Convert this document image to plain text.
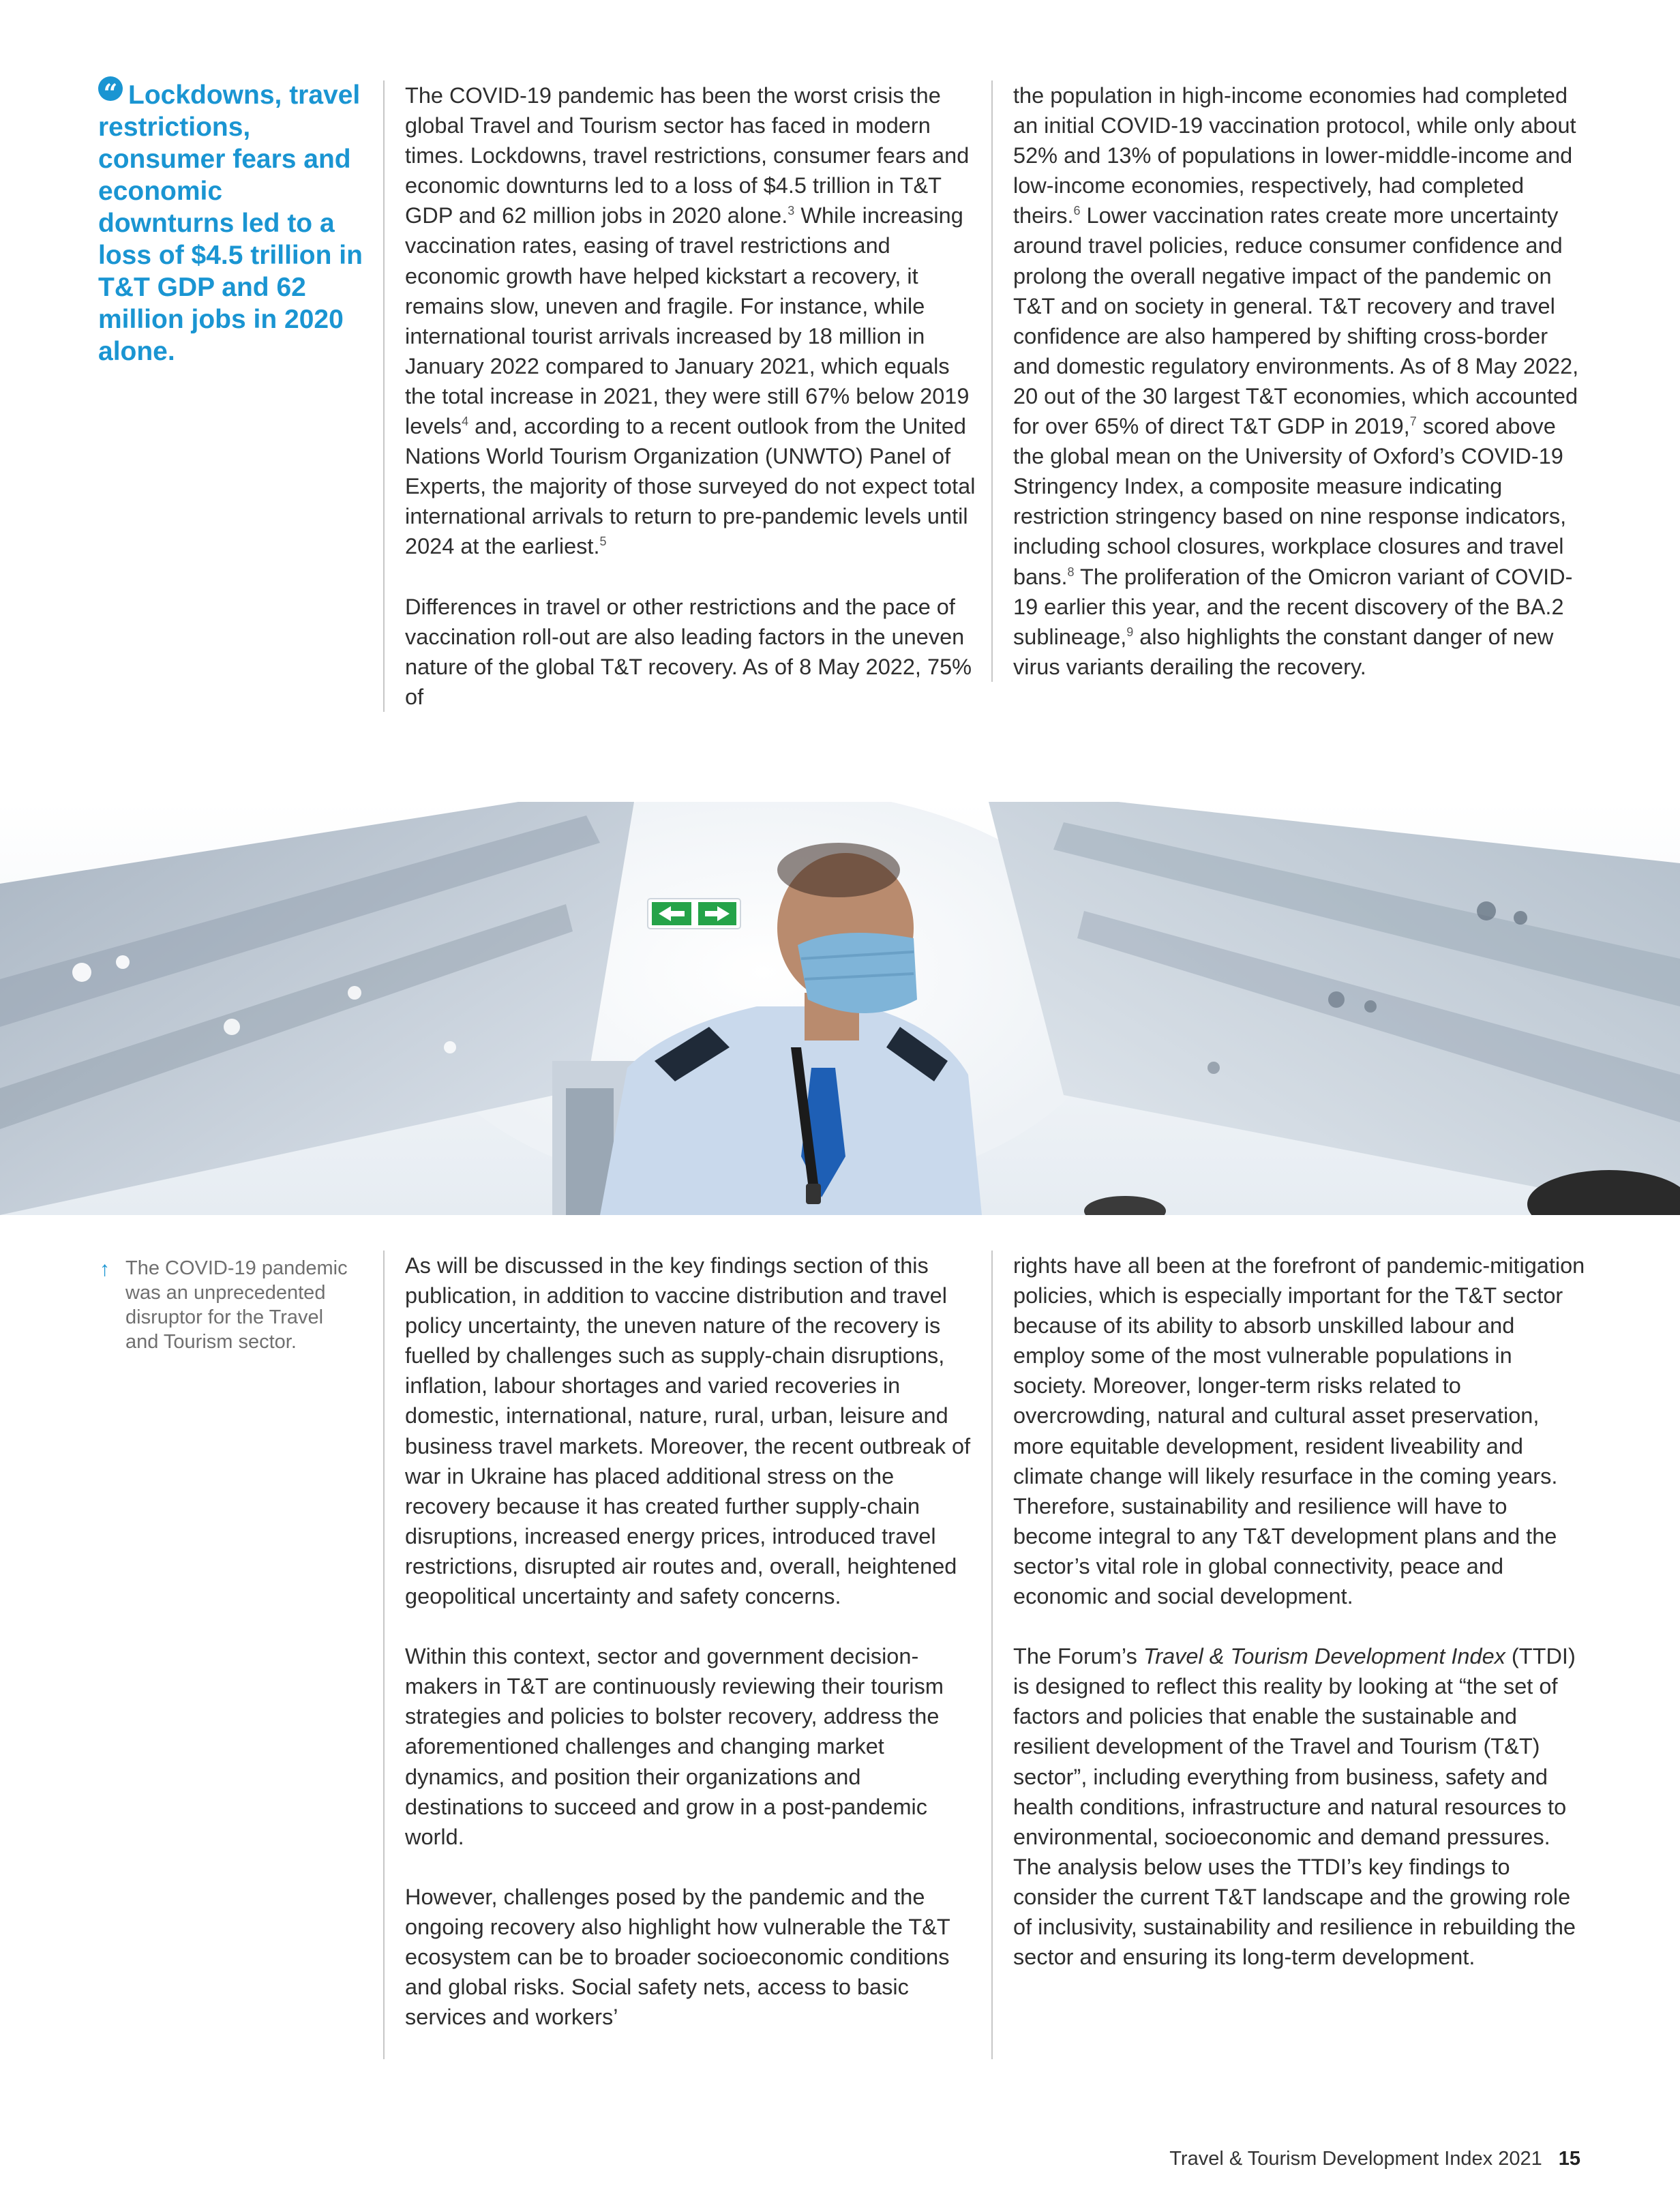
“ Lockdowns, travel restrictions, consumer fears and economic downturns led to a loss of $4.5 trillion in T&T GDP and 62 million jobs in 2020 alone.

The COVID-19 pandemic has been the worst crisis the global Travel and Tourism sector has faced in modern times. Lockdowns, travel restrictions, consumer fears and economic downturns led to a loss of $4.5 trillion in T&T GDP and 62 million jobs in 2020 alone.$^3$ While increasing vaccination rates, easing of travel restrictions and economic growth have helped kickstart a recovery, it remains slow, uneven and fragile. For instance, while international tourist arrivals increased by 18 million in January 2022 compared to January 2021, which equals the total increase in 2021, they were still 67% below 2019 levels$^4$ and, according to a recent outlook from the United Nations World Tourism Organization (UNWTO) Panel of Experts, the majority of those surveyed do not expect total international arrivals to return to pre-pandemic levels until 2024 at the earliest.$^5$

Differences in travel or other restrictions and the pace of vaccination roll-out are also leading factors in the uneven nature of the global T&T recovery. As of 8 May 2022, 75% of

the population in high-income economies had completed an initial COVID-19 vaccination protocol, while only about 52% and 13% of populations in lower-middle-income and low-income economies, respectively, had completed theirs.$^6$ Lower vaccination rates create more uncertainty around travel policies, reduce consumer confidence and prolong the overall negative impact of the pandemic on T&T and on society in general. T&T recovery and travel confidence are also hampered by shifting cross-border and domestic regulatory environments. As of 8 May 2022, 20 out of the 30 largest T&T economies, which accounted for over 65% of direct T&T GDP in 2019,$^7$ scored above the global mean on the University of Oxford’s COVID-19 Stringency Index, a composite measure indicating restriction stringency based on nine response indicators, including school closures, workplace closures and travel bans.$^8$ The proliferation of the Omicron variant of COVID-19 earlier this year, and the recent discovery of the BA.2 sublineage,$^9$ also highlights the constant danger of new virus variants derailing the recovery.

↑ The COVID-19 pandemic was an unprecedented disruptor for the Travel and Tourism sector.

As will be discussed in the key findings section of this publication, in addition to vaccine distribution and travel policy uncertainty, the uneven nature of the recovery is fuelled by challenges such as supply-chain disruptions, inflation, labour shortages and varied recoveries in domestic, international, nature, rural, urban, leisure and business travel markets. Moreover, the recent outbreak of war in Ukraine has placed additional stress on the recovery because it has created further supply-chain disruptions, increased energy prices, introduced travel restrictions, disrupted air routes and, overall, heightened geopolitical uncertainty and safety concerns.

Within this context, sector and government decision-makers in T&T are continuously reviewing their tourism strategies and policies to bolster recovery, address the aforementioned challenges and changing market dynamics, and position their organizations and destinations to succeed and grow in a post-pandemic world.

However, challenges posed by the pandemic and the ongoing recovery also highlight how vulnerable the T&T ecosystem can be to broader socioeconomic conditions and global risks. Social safety nets, access to basic services and workers’

rights have all been at the forefront of pandemic-mitigation policies, which is especially important for the T&T sector because of its ability to absorb unskilled labour and employ some of the most vulnerable populations in society. Moreover, longer-term risks related to overcrowding, natural and cultural asset preservation, more equitable development, resident liveability and climate change will likely resurface in the coming years. Therefore, sustainability and resilience will have to become integral to any T&T development plans and the sector’s vital role in global connectivity, peace and economic and social development.

The Forum’s Travel & Tourism Development Index (TTDI) is designed to reflect this reality by looking at “the set of factors and policies that enable the sustainable and resilient development of the Travel and Tourism (T&T) sector”, including everything from business, safety and health conditions, infrastructure and natural resources to environmental, socioeconomic and demand pressures. The analysis below uses the TTDI’s key findings to consider the current T&T landscape and the growing role of inclusivity, sustainability and resilience in rebuilding the sector and ensuring its long-term development.

Travel & Tourism Development Index 2021 15
